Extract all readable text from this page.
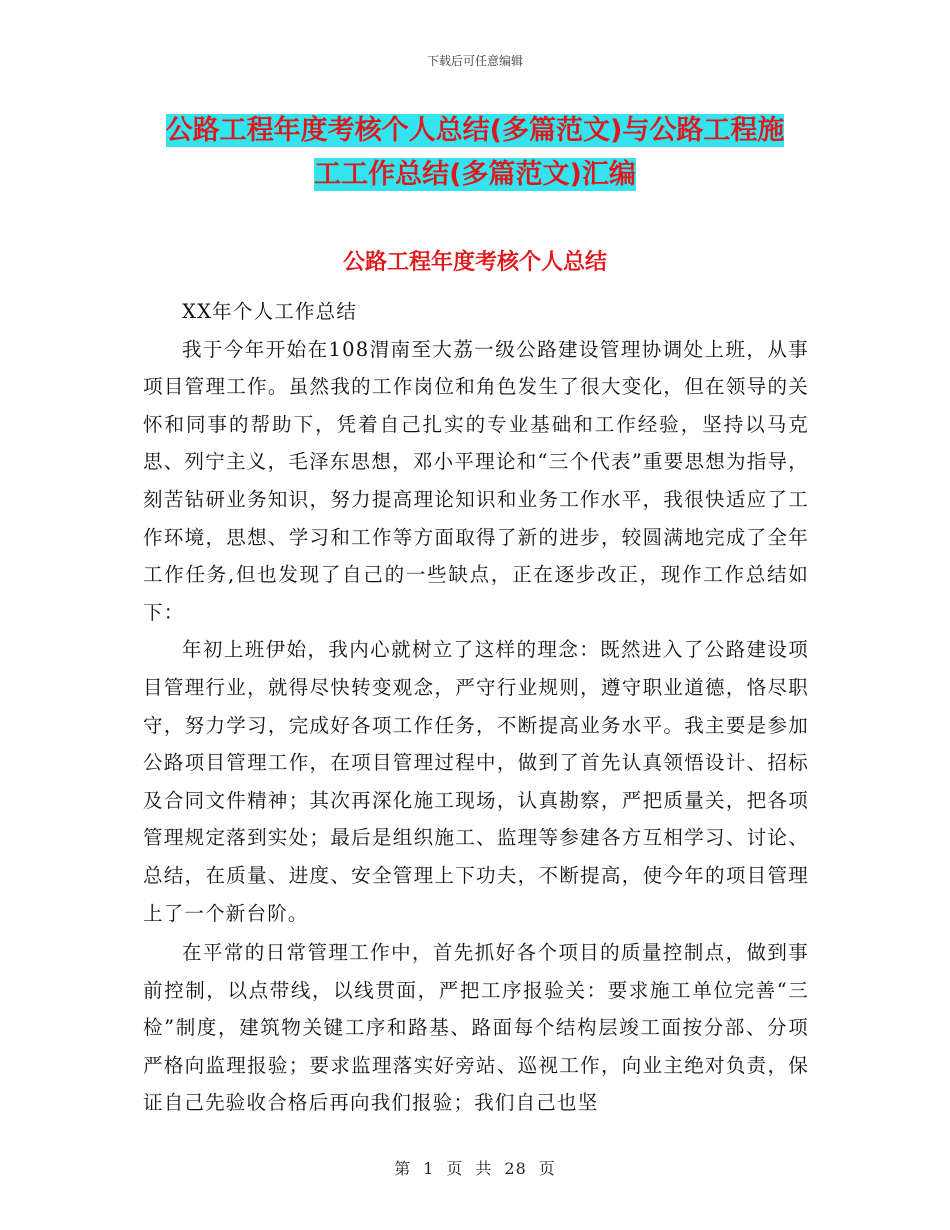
下载后可任意编辑
公路工程年度考核个人总结(多篇范文)与公路工程施
工工作总结(多篇范文)汇编
公路工程年度考核个人总结

XX年个人工作总结

我于今年开始在108渭南至大荔一级公路建设管理协调处上班，从事项目管理工作。虽然我的工作岗位和角色发生了很大变化，但在领导的关怀和同事的帮助下，凭着自己扎实的专业基础和工作经验，坚持以马克思、列宁主义，毛泽东思想，邓小平理论和“三个代表”重要思想为指导，刻苦钻研业务知识，努力提高理论知识和业务工作水平，我很快适应了工作环境，思想、学习和工作等方面取得了新的进步，较圆满地完成了全年工作任务,但也发现了自己的一些缺点，正在逐步改正，现作工作总结如下：

年初上班伊始，我内心就树立了这样的理念：既然进入了公路建设项目管理行业，就得尽快转变观念，严守行业规则，遵守职业道德，恪尽职守，努力学习，完成好各项工作任务，不断提高业务水平。我主要是参加公路项目管理工作，在项目管理过程中，做到了首先认真领悟设计、招标及合同文件精神；其次再深化施工现场，认真勘察，严把质量关，把各项管理规定落到实处；最后是组织施工、监理等参建各方互相学习、讨论、总结，在质量、进度、安全管理上下功夫，不断提高，使今年的项目管理上了一个新台阶。

在平常的日常管理工作中，首先抓好各个项目的质量控制点，做到事前控制，以点带线，以线贯面，严把工序报验关：要求施工单位完善“三检”制度，建筑物关键工序和路基、路面每个结构层竣工面按分部、分项严格向监理报验；要求监理落实好旁站、巡视工作，向业主绝对负责，保证自己先验收合格后再向我们报验；我们自己也坚

第 1 页 共 28 页
